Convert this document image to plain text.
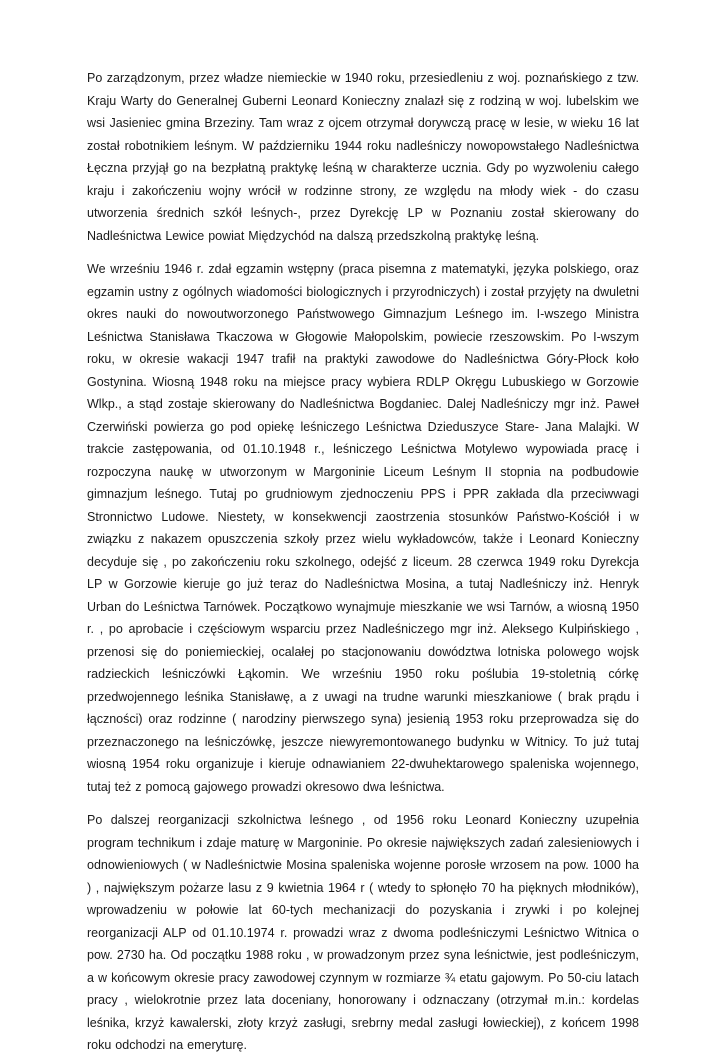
Po zarządzonym, przez władze niemieckie w 1940 roku, przesiedleniu z woj. poznańskiego z tzw. Kraju Warty do Generalnej Guberni Leonard Konieczny znalazł się z rodziną w woj. lubelskim we wsi Jasieniec gmina Brzeziny. Tam wraz z ojcem otrzymał dorywczą pracę w lesie, w wieku 16 lat został robotnikiem leśnym. W październiku 1944 roku nadleśniczy nowopowstałego Nadleśnictwa Łęczna przyjął go na bezpłatną praktykę leśną w charakterze ucznia. Gdy po wyzwoleniu całego kraju i zakończeniu wojny wrócił w rodzinne strony, ze względu na młody wiek - do czasu utworzenia średnich szkół leśnych-, przez Dyrekcję LP w Poznaniu został skierowany do Nadleśnictwa Lewice powiat Międzychód na dalszą przedszkolną praktykę leśną.

We wrześniu 1946 r. zdał egzamin wstępny (praca pisemna z matematyki, języka polskiego, oraz egzamin ustny z ogólnych wiadomości biologicznych i przyrodniczych) i został przyjęty na dwuletni okres nauki do nowoutworzonego Państwowego Gimnazjum Leśnego im. I-wszego Ministra Leśnictwa Stanisława Tkaczowa w Głogowie Małopolskim, powiecie rzeszowskim. Po I-wszym roku, w okresie wakacji 1947 trafił na praktyki zawodowe do Nadleśnictwa Góry-Płock koło Gostynina. Wiosną 1948 roku na miejsce pracy wybiera RDLP Okręgu Lubuskiego w Gorzowie Wlkp., a stąd zostaje skierowany do Nadleśnictwa Bogdaniec. Dalej Nadleśniczy mgr inż. Paweł Czerwiński powierza go pod opiekę leśniczego Leśnictwa Dzieduszyce Stare- Jana Malajki. W trakcie zastępowania, od 01.10.1948 r., leśniczego Leśnictwa Motylewo wypowiada pracę i rozpoczyna naukę w utworzonym w Margoninie Liceum Leśnym II stopnia na podbudowie gimnazjum leśnego. Tutaj po grudniowym zjednoczeniu PPS i PPR zakłada dla przeciwwagi Stronnictwo Ludowe. Niestety, w konsekwencji zaostrzenia stosunków Państwo-Kościół i w związku z nakazem opuszczenia szkoły przez wielu wykładowców, także i Leonard Konieczny decyduje się , po zakończeniu roku szkolnego, odejść z liceum. 28 czerwca 1949 roku Dyrekcja LP w Gorzowie kieruje go już teraz do Nadleśnictwa Mosina, a tutaj Nadleśniczy inż. Henryk Urban do Leśnictwa Tarnówek. Początkowo wynajmuje mieszkanie we wsi Tarnów, a wiosną 1950 r. , po aprobacie i częściowym wsparciu przez Nadleśniczego mgr inż. Aleksego Kulpińskiego , przenosi się do poniemieckiej, ocalałej po stacjonowaniu dowództwa lotniska polowego wojsk radzieckich leśniczówki Łąkomin. We wrześniu 1950 roku poślubia 19-stoletnią córkę przedwojennego leśnika Stanisławę, a z uwagi na trudne warunki mieszkaniowe ( brak prądu i łączności) oraz rodzinne ( narodziny pierwszego syna) jesienią 1953 roku przeprowadza się do przeznaczonego na leśniczówkę, jeszcze niewyremontowanego budynku w Witnicy. To już tutaj wiosną 1954 roku organizuje i kieruje odnawianiem 22-dwuhektarowego spaleniska wojennego, tutaj też z pomocą gajowego prowadzi okresowo dwa leśnictwa.

Po dalszej reorganizacji szkolnictwa leśnego , od 1956 roku Leonard Konieczny uzupełnia program technikum i zdaje maturę w Margoninie. Po okresie największych zadań zalesieniowych i odnowieniowych ( w Nadleśnictwie Mosina spaleniska wojenne porosłe wrzosem na pow. 1000 ha ) , największym pożarze lasu z 9 kwietnia 1964 r ( wtedy to spłonęło 70 ha pięknych młodników), wprowadzeniu w połowie lat 60-tych mechanizacji do pozyskania i zrywki i po kolejnej reorganizacji ALP od 01.10.1974 r. prowadzi wraz z dwoma podleśniczymi Leśnictwo Witnica o pow. 2730 ha. Od początku 1988 roku , w prowadzonym przez syna leśnictwie, jest podleśniczym, a w końcowym okresie pracy zawodowej czynnym w rozmiarze ¾ etatu gajowym. Po 50-ciu latach pracy , wielokrotnie przez lata doceniany, honorowany i odznaczany (otrzymał m.in.: kordelas leśnika, krzyż kawalerski, złoty krzyż zasługi, srebrny medal zasługi łowieckiej), z końcem 1998 roku odchodzi na emeryturę.
